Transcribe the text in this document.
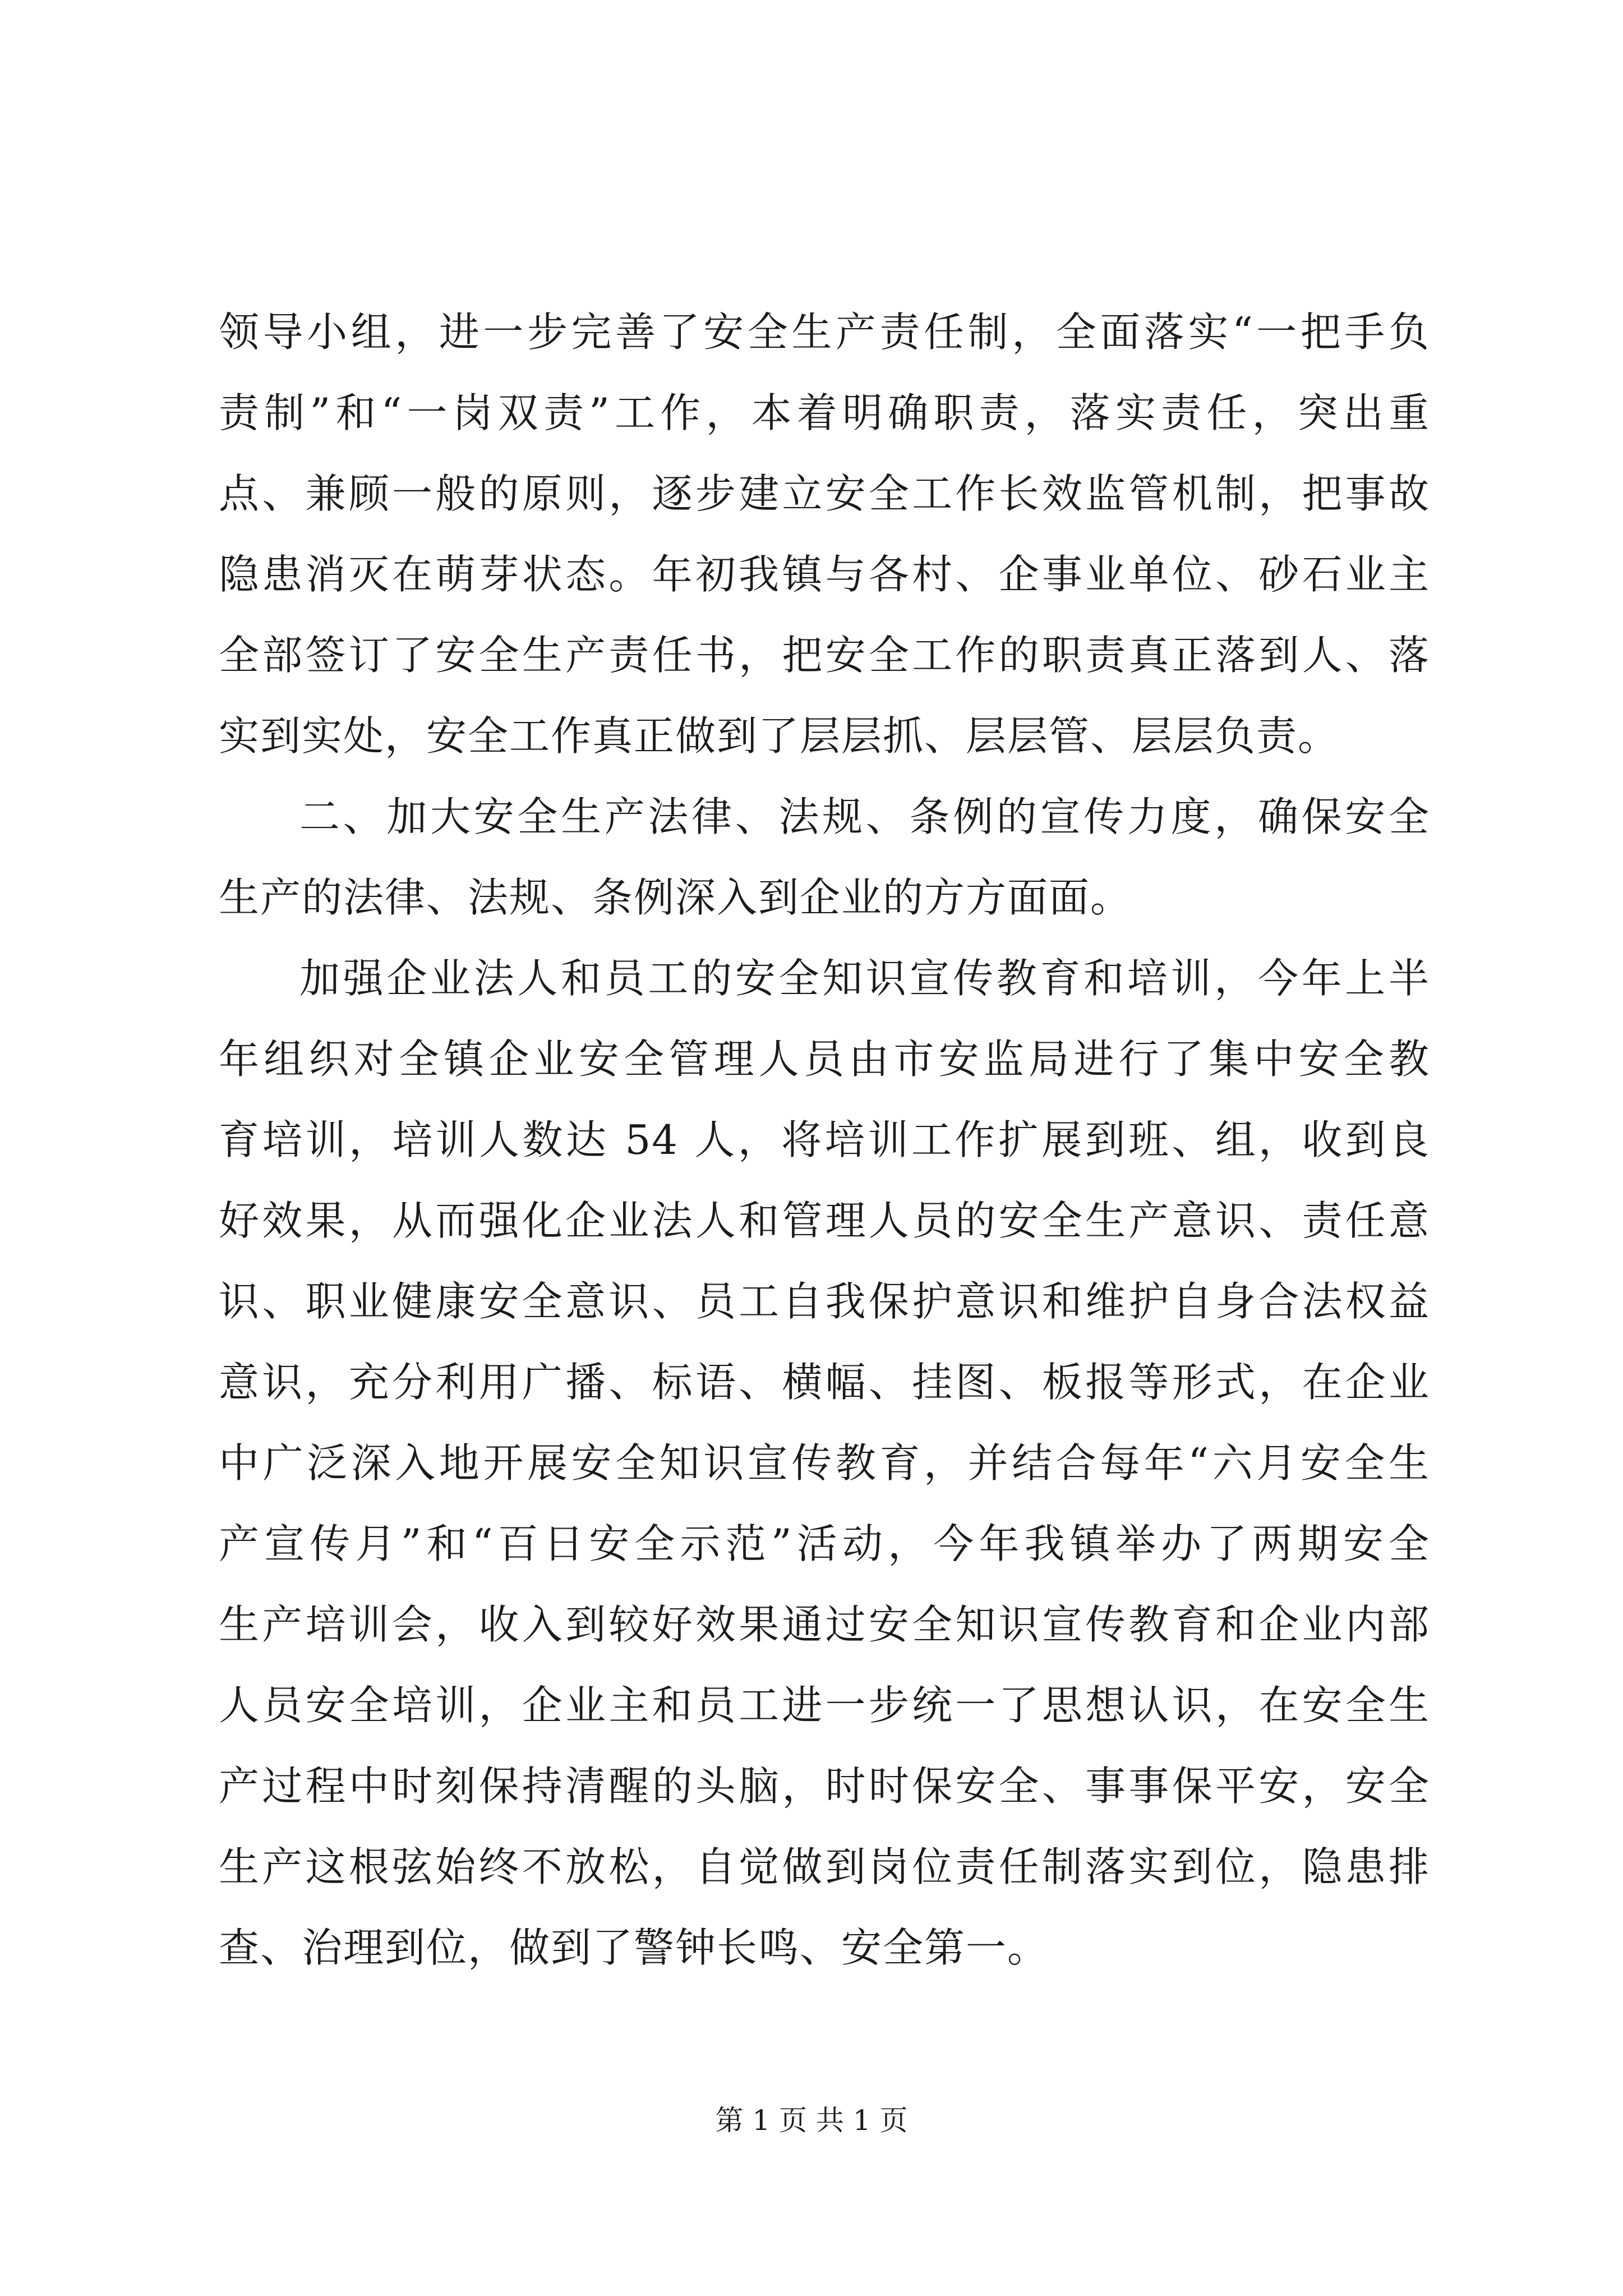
领导小组，进一步完善了安全生产责任制，全面落实“一把手负
责制”和“一岗双责”工作，本着明确职责，落实责任，突出重
点、兼顾一般的原则，逐步建立安全工作长效监管机制，把事故
隐患消灭在萌芽状态。年初我镇与各村、企事业单位、砂石业主
全部签订了安全生产责任书，把安全工作的职责真正落到人、落
实到实处，安全工作真正做到了层层抓、层层管、层层负责。
二、加大安全生产法律、法规、条例的宣传力度，确保安全
生产的法律、法规、条例深入到企业的方方面面。
加强企业法人和员工的安全知识宣传教育和培训，今年上半
年组织对全镇企业安全管理人员由市安监局进行了集中安全教
育培训，培训人数达 54 人，将培训工作扩展到班、组，收到良
好效果，从而强化企业法人和管理人员的安全生产意识、责任意
识、职业健康安全意识、员工自我保护意识和维护自身合法权益
意识，充分利用广播、标语、横幅、挂图、板报等形式，在企业
中广泛深入地开展安全知识宣传教育，并结合每年“六月安全生
产宣传月”和“百日安全示范”活动，今年我镇举办了两期安全
生产培训会，收入到较好效果通过安全知识宣传教育和企业内部
人员安全培训，企业主和员工进一步统一了思想认识，在安全生
产过程中时刻保持清醒的头脑，时时保安全、事事保平安，安全
生产这根弦始终不放松，自觉做到岗位责任制落实到位，隐患排
查、治理到位，做到了警钟长鸣、安全第一。
第 1 页 共 1 页
